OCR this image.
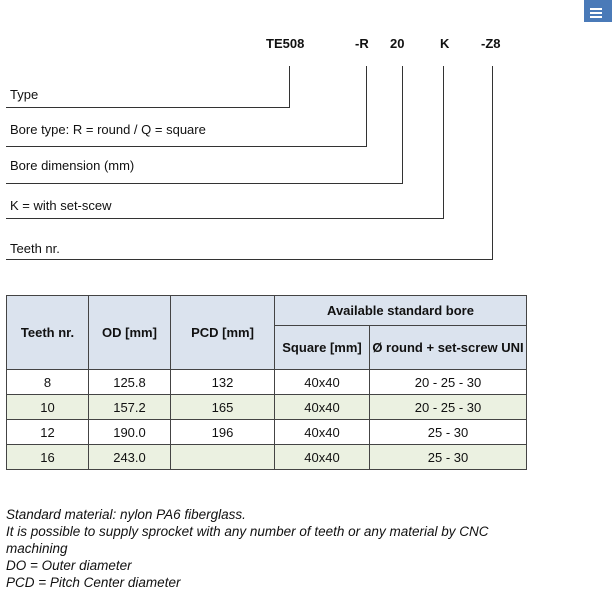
TE508	-R 20	K -Z8
Type
Bore type: R = round / Q = square
Bore dimension (mm)
K = with set-scew
Teeth nr.
Teeth nr.	OD [mm]	PCD [mm]	Available standard bore	
			Square [mm]	Ø round + set-screw UNI
8	125.8	132	40x40	20 - 25 - 30
10	157.2	165	40x40	20 - 25 - 30
12	190.0	196	40x40	25 - 30
16	243.0		40x40	25 - 30
Standard material: nylon PA6 fiberglass.
It is possible to supply sprocket with any number of teeth or any material by CNC
machining
DO = Outer diameter
PCD = Pitch Center diameter
